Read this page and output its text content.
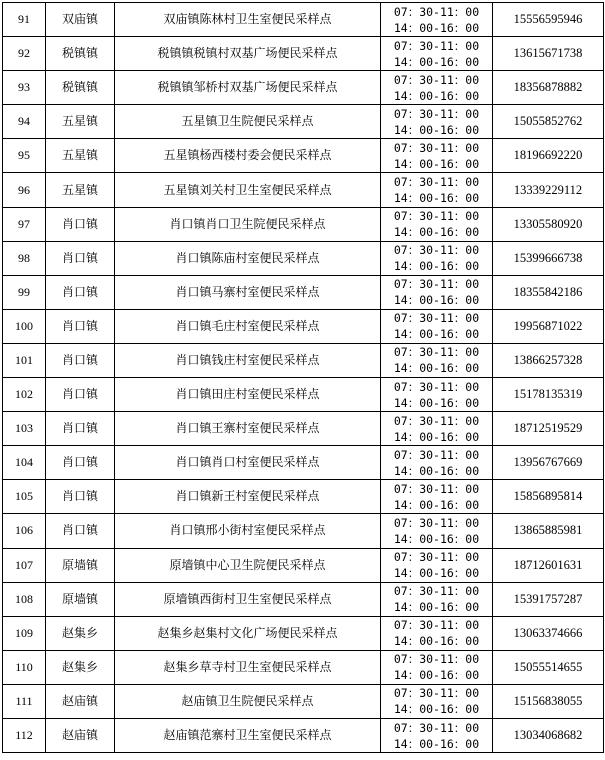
91	双庙镇	双庙镇陈林村卫生室便民采样点	07：30-11：00
14：00-16：00	15556595946
92	税镇镇	税镇镇税镇村双基广场便民采样点	07：30-11：00
14：00-16：00	13615671738
93	税镇镇	税镇镇邹桥村双基广场便民采样点	07：30-11：00
14：00-16：00	18356878882
94	五星镇	五星镇卫生院便民采样点	07：30-11：00
14：00-16：00	15055852762
95	五星镇	五星镇杨西楼村委会便民采样点	07：30-11：00
14：00-16：00	18196692220
96	五星镇	五星镇刘关村卫生室便民采样点	07：30-11：00
14：00-16：00	13339229112
97	肖口镇	肖口镇肖口卫生院便民采样点	07：30-11：00
14：00-16：00	13305580920
98	肖口镇	肖口镇陈庙村室便民采样点	07：30-11：00
14：00-16：00	15399666738
99	肖口镇	肖口镇马寨村室便民采样点	07：30-11：00
14：00-16：00	18355842186
100	肖口镇	肖口镇毛庄村室便民采样点	07：30-11：00
14：00-16：00	19956871022
101	肖口镇	肖口镇钱庄村室便民采样点	07：30-11：00
14：00-16：00	13866257328
102	肖口镇	肖口镇田庄村室便民采样点	07：30-11：00
14：00-16：00	15178135319
103	肖口镇	肖口镇王寨村室便民采样点	07：30-11：00
14：00-16：00	18712519529
104	肖口镇	肖口镇肖口村室便民采样点	07：30-11：00
14：00-16：00	13956767669
105	肖口镇	肖口镇新王村室便民采样点	07：30-11：00
14：00-16：00	15856895814
106	肖口镇	肖口镇邢小街村室便民采样点	07：30-11：00
14：00-16：00	13865885981
107	原墙镇	原墙镇中心卫生院便民采样点	07：30-11：00
14：00-16：00	18712601631
108	原墙镇	原墙镇西街村卫生室便民采样点	07：30-11：00
14：00-16：00	15391757287
109	赵集乡	赵集乡赵集村文化广场便民采样点	07：30-11：00
14：00-16：00	13063374666
110	赵集乡	赵集乡草寺村卫生室便民采样点	07：30-11：00
14：00-16：00	15055514655
111	赵庙镇	赵庙镇卫生院便民采样点	07：30-11：00
14：00-16：00	15156838055
112	赵庙镇	赵庙镇范寨村卫生室便民采样点	07：30-11：00
14：00-16：00	13034068682
